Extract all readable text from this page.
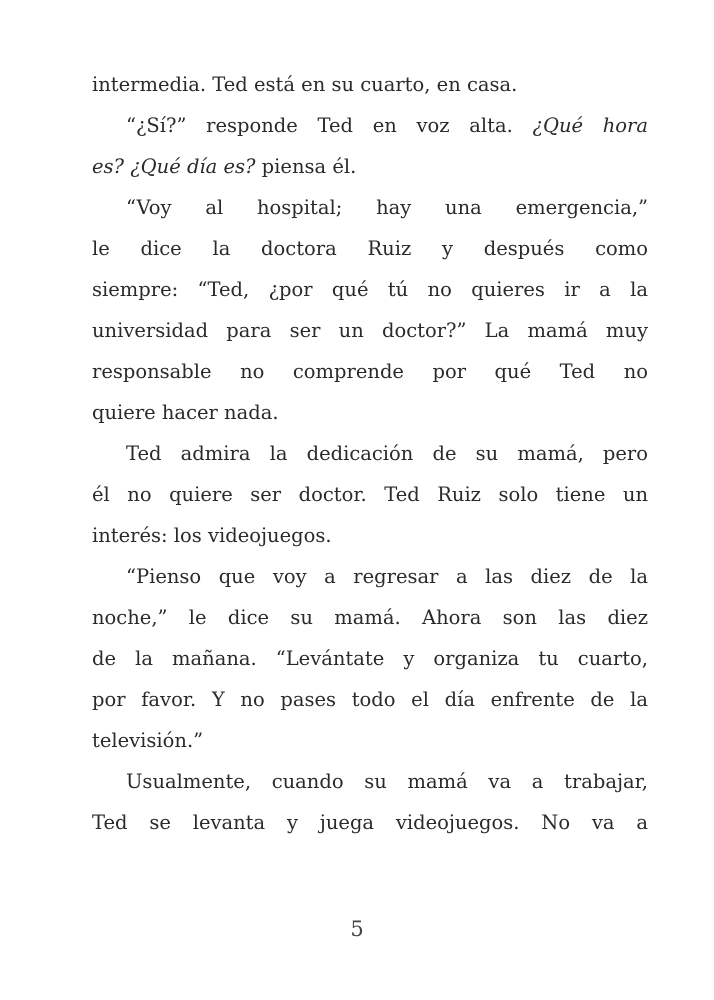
intermedia. Ted está en su cuarto, en casa.
“¿Sí?” responde Ted en voz alta. ¿Qué hora
es? ¿Qué día es? piensa él.
“Voy al hospital; hay una emergencia,”
le dice la doctora Ruiz y después como
siempre: “Ted, ¿por qué tú no quieres ir a la
universidad para ser un doctor?” La mamá muy
responsable no comprende por qué Ted no
quiere hacer nada.
Ted admira la dedicación de su mamá, pero
él no quiere ser doctor. Ted Ruiz solo tiene un
interés: los videojuegos.
“Pienso que voy a regresar a las diez de la
noche,” le dice su mamá. Ahora son las diez
de la mañana. “Levántate y organiza tu cuarto,
por favor. Y no pases todo el día enfrente de la
televisión.”
Usualmente, cuando su mamá va a trabajar,
Ted se levanta y juega videojuegos. No va a
5
